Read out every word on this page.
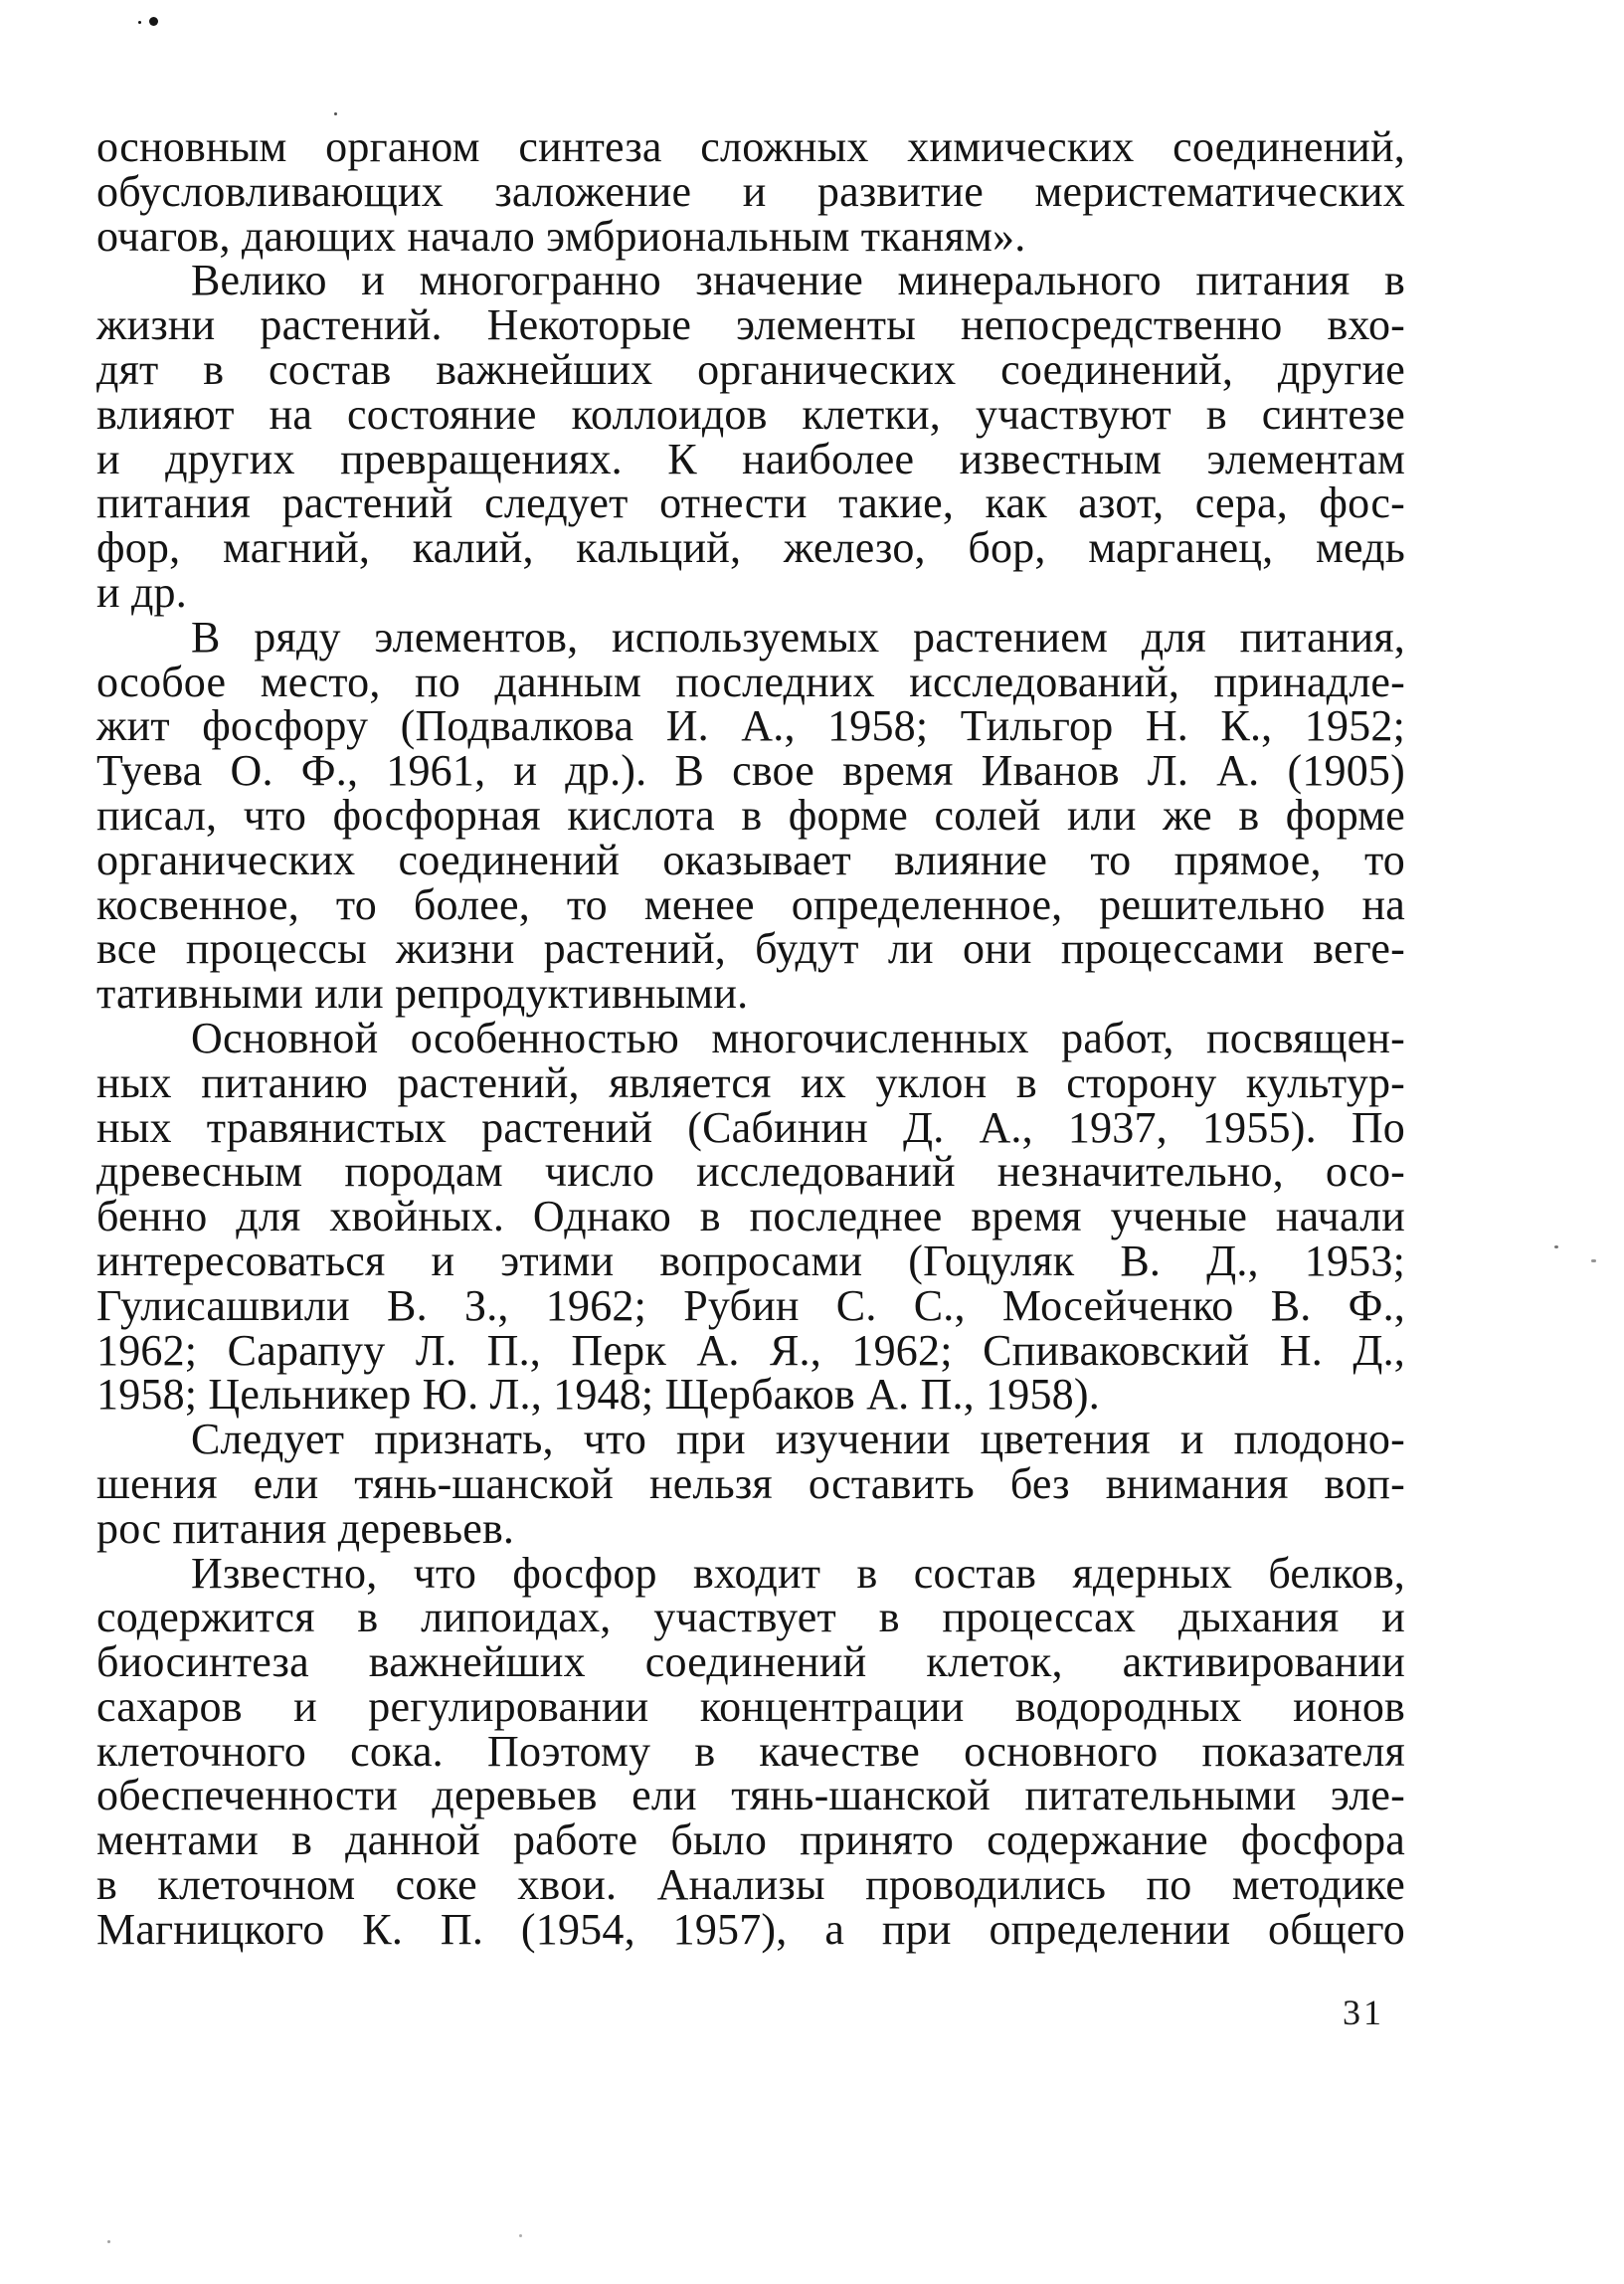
основным органом синтеза сложных химических соединений,
обусловливающих заложение и развитие меристематических
очагов, дающих начало эмбриональным тканям».
Велико и многогранно значение минерального питания в
жизни растений. Некоторые элементы непосредственно вхо-
дят в состав важнейших органических соединений, другие
влияют на состояние коллоидов клетки, участвуют в синтезе
и других превращениях. К наиболее известным элементам
питания растений следует отнести такие, как азот, сера, фос-
фор, магний, калий, кальций, железо, бор, марганец, медь
и др.
В ряду элементов, используемых растением для питания,
особое место, по данным последних исследований, принадле-
жит фосфору (Подвалкова И. А., 1958; Тильгор Н. К., 1952;
Туева О. Ф., 1961, и др.). В свое время Иванов Л. А. (1905)
писал, что фосфорная кислота в форме солей или же в форме
органических соединений оказывает влияние то прямое, то
косвенное, то более, то менее определенное, решительно на
все процессы жизни растений, будут ли они процессами веге-
тативными или репродуктивными.
Основной особенностью многочисленных работ, посвящен-
ных питанию растений, является их уклон в сторону культур-
ных травянистых растений (Сабинин Д. А., 1937, 1955). По
древесным породам число исследований незначительно, осо-
бенно для хвойных. Однако в последнее время ученые начали
интересоваться и этими вопросами (Гоцуляк В. Д., 1953;
Гулисашвили В. З., 1962; Рубин С. С., Мосейченко В. Ф.,
1962; Сарапуу Л. П., Перк А. Я., 1962; Спиваковский Н. Д.,
1958; Цельникер Ю. Л., 1948; Щербаков А. П., 1958).
Следует признать, что при изучении цветения и плодоно-
шения ели тянь-шанской нельзя оставить без внимания воп-
рос питания деревьев.
Известно, что фосфор входит в состав ядерных белков,
содержится в липоидах, участвует в процессах дыхания и
биосинтеза важнейших соединений клеток, активировании
сахаров и регулировании концентрации водородных ионов
клеточного сока. Поэтому в качестве основного показателя
обеспеченности деревьев ели тянь-шанской питательными эле-
ментами в данной работе было принято содержание фосфора
в клеточном соке хвои. Анализы проводились по методике
Магницкого К. П. (1954, 1957), а при определении общего
31
